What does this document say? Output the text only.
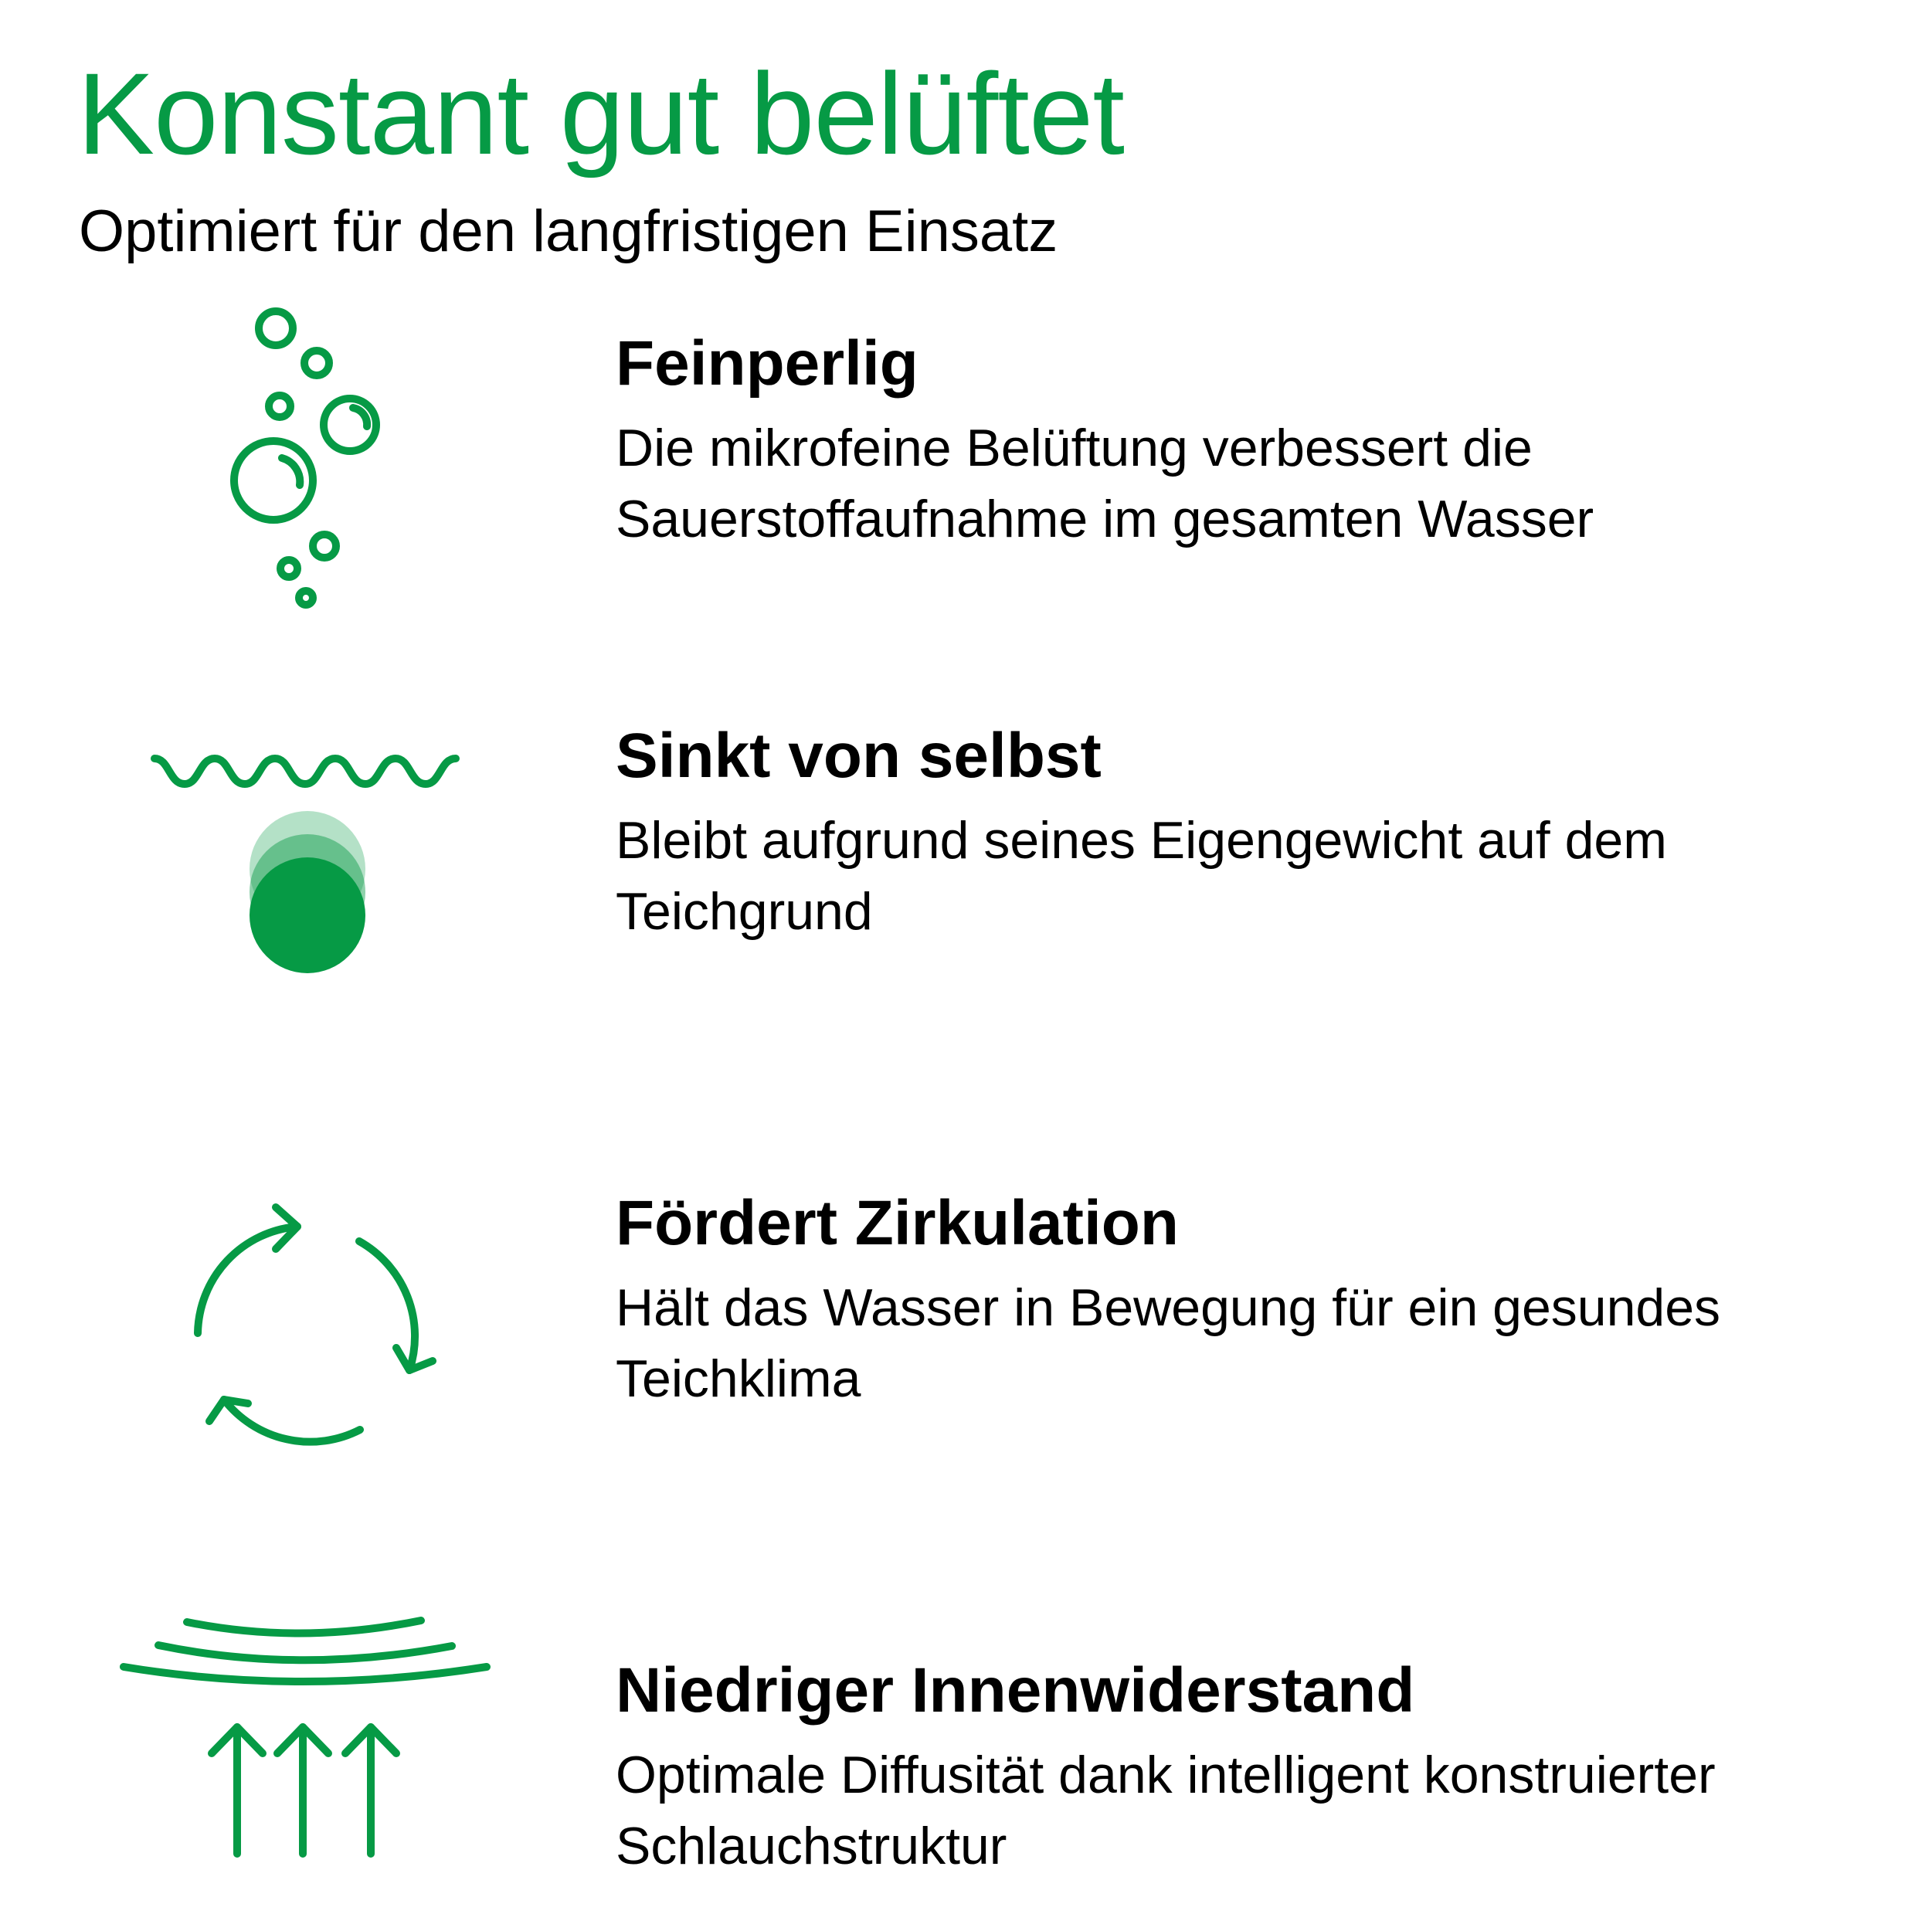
Konstant gut belüftet
Optimiert für den langfristigen Einsatz
Feinperlig

Die mikrofeine Belüftung verbessert die Sauerstoffaufnahme im gesamten Wasser

Sinkt von selbst

Bleibt aufgrund seines Eigengewicht auf dem Teichgrund

Fördert Zirkulation

Hält das Wasser in Bewegung für ein gesundes Teichklima

Niedriger Innenwiderstand

Optimale Diffusität dank intelligent konstruierter Schlauchstruktur
